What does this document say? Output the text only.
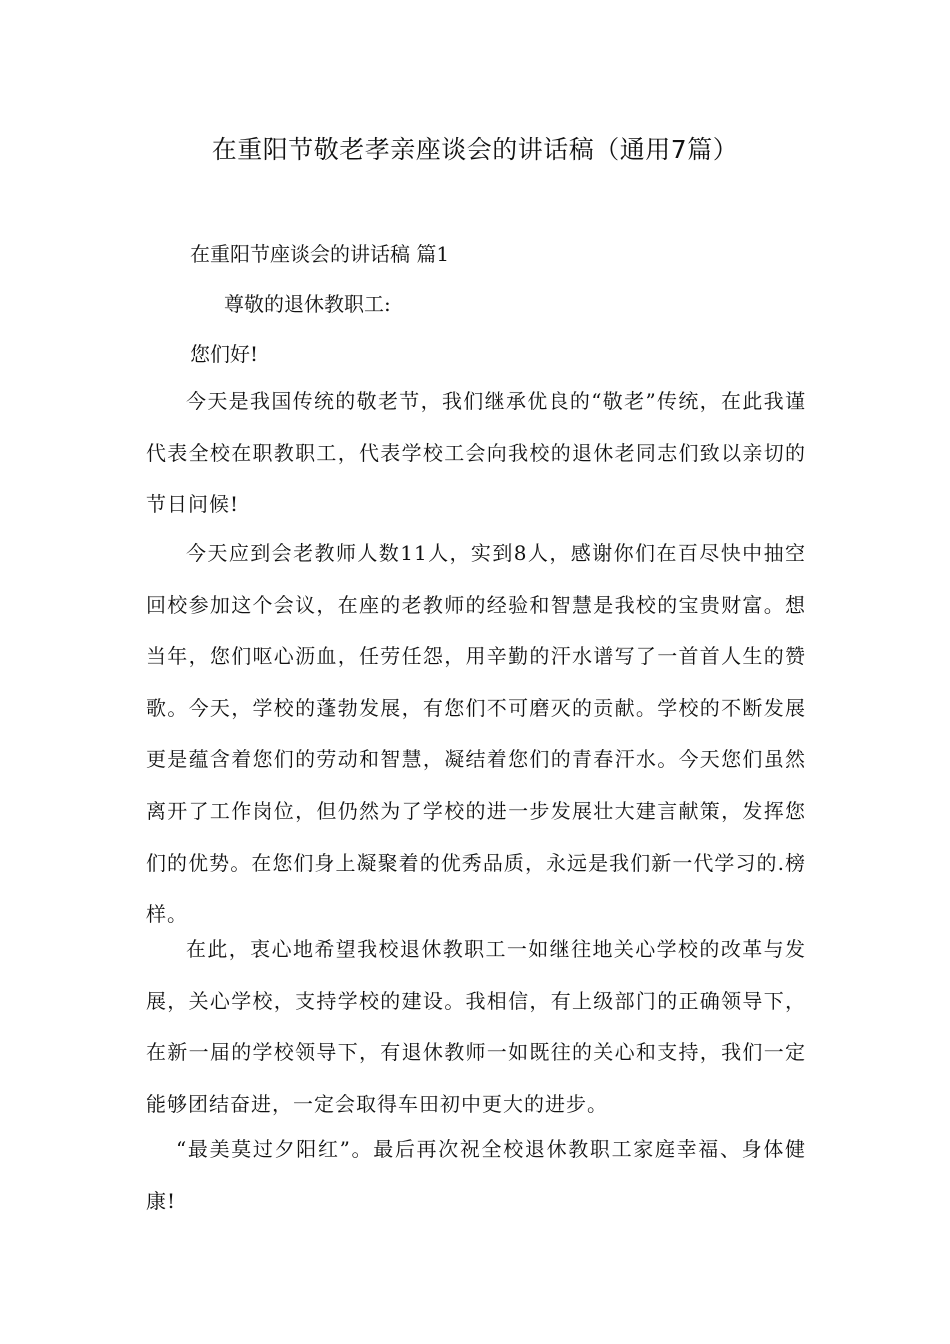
在重阳节敬老孝亲座谈会的讲话稿（通用7篇）
在重阳节座谈会的讲话稿 篇1
尊敬的退休教职工:
您们好!

今天是我国传统的敬老节，我们继承优良的“敬老”传统，在此我谨代表全校在职教职工，代表学校工会向我校的退休老同志们致以亲切的节日问候!

今天应到会老教师人数11人，实到8人，感谢你们在百尽快中抽空回校参加这个会议，在座的老教师的经验和智慧是我校的宝贵财富。想当年，您们呕心沥血，任劳任怨，用辛勤的汗水谱写了一首首人生的赞歌。今天，学校的蓬勃发展，有您们不可磨灭的贡献。学校的不断发展更是蕴含着您们的劳动和智慧，凝结着您们的青春汗水。今天您们虽然离开了工作岗位，但仍然为了学校的进一步发展壮大建言献策，发挥您们的优势。在您们身上凝聚着的优秀品质，永远是我们新一代学习的.榜样。

在此，衷心地希望我校退休教职工一如继往地关心学校的改革与发展，关心学校，支持学校的建设。我相信，有上级部门的正确领导下，在新一届的学校领导下，有退休教师一如既往的关心和支持，我们一定能够团结奋进，一定会取得车田初中更大的进步。

“最美莫过夕阳红”。最后再次祝全校退休教职工家庭幸福、身体健康!
